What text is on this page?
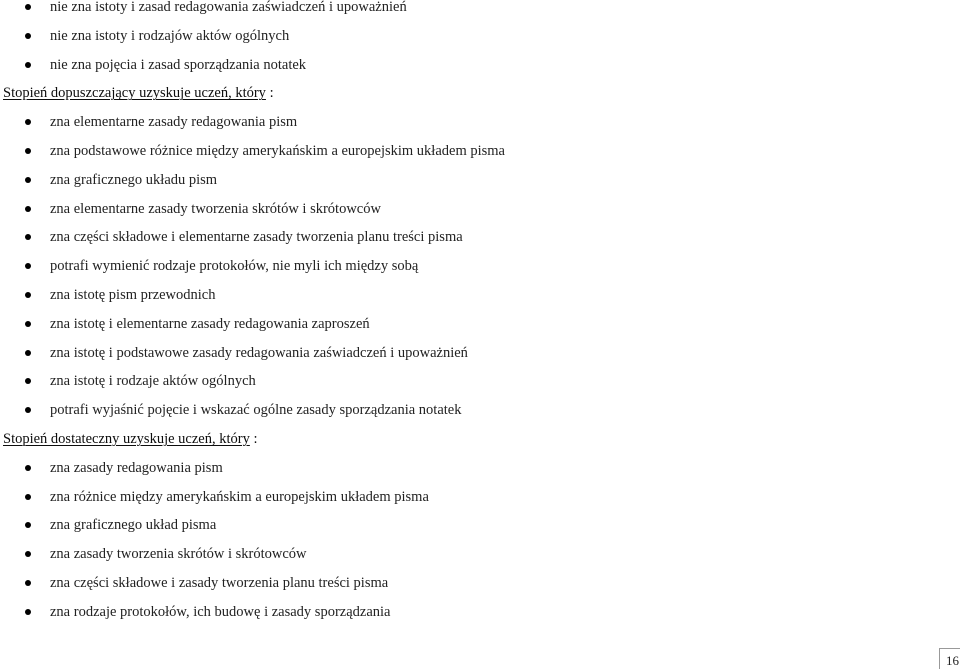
nie zna istoty i zasad redagowania zaświadczeń i upoważnień
nie zna istoty i rodzajów aktów ogólnych
nie zna pojęcia i zasad sporządzania notatek
Stopień dopuszczający uzyskuje uczeń, który :
zna elementarne zasady redagowania pism
zna podstawowe różnice między amerykańskim a europejskim układem pisma
zna graficznego układu pism
zna elementarne zasady tworzenia skrótów i skrótowców
zna części składowe i elementarne zasady tworzenia planu treści pisma
potrafi wymienić rodzaje protokołów, nie myli ich między sobą
zna istotę pism przewodnich
zna istotę i elementarne zasady redagowania zaproszeń
zna istotę i podstawowe zasady redagowania zaświadczeń i upoważnień
zna istotę i rodzaje aktów ogólnych
potrafi wyjaśnić pojęcie i wskazać ogólne zasady sporządzania notatek
Stopień dostateczny uzyskuje uczeń, który :
zna zasady redagowania pism
zna różnice między amerykańskim a europejskim układem pisma
zna graficznego układ pisma
zna zasady tworzenia skrótów i skrótowców
zna części składowe i zasady tworzenia planu treści pisma
zna rodzaje protokołów, ich budowę i zasady sporządzania
16
